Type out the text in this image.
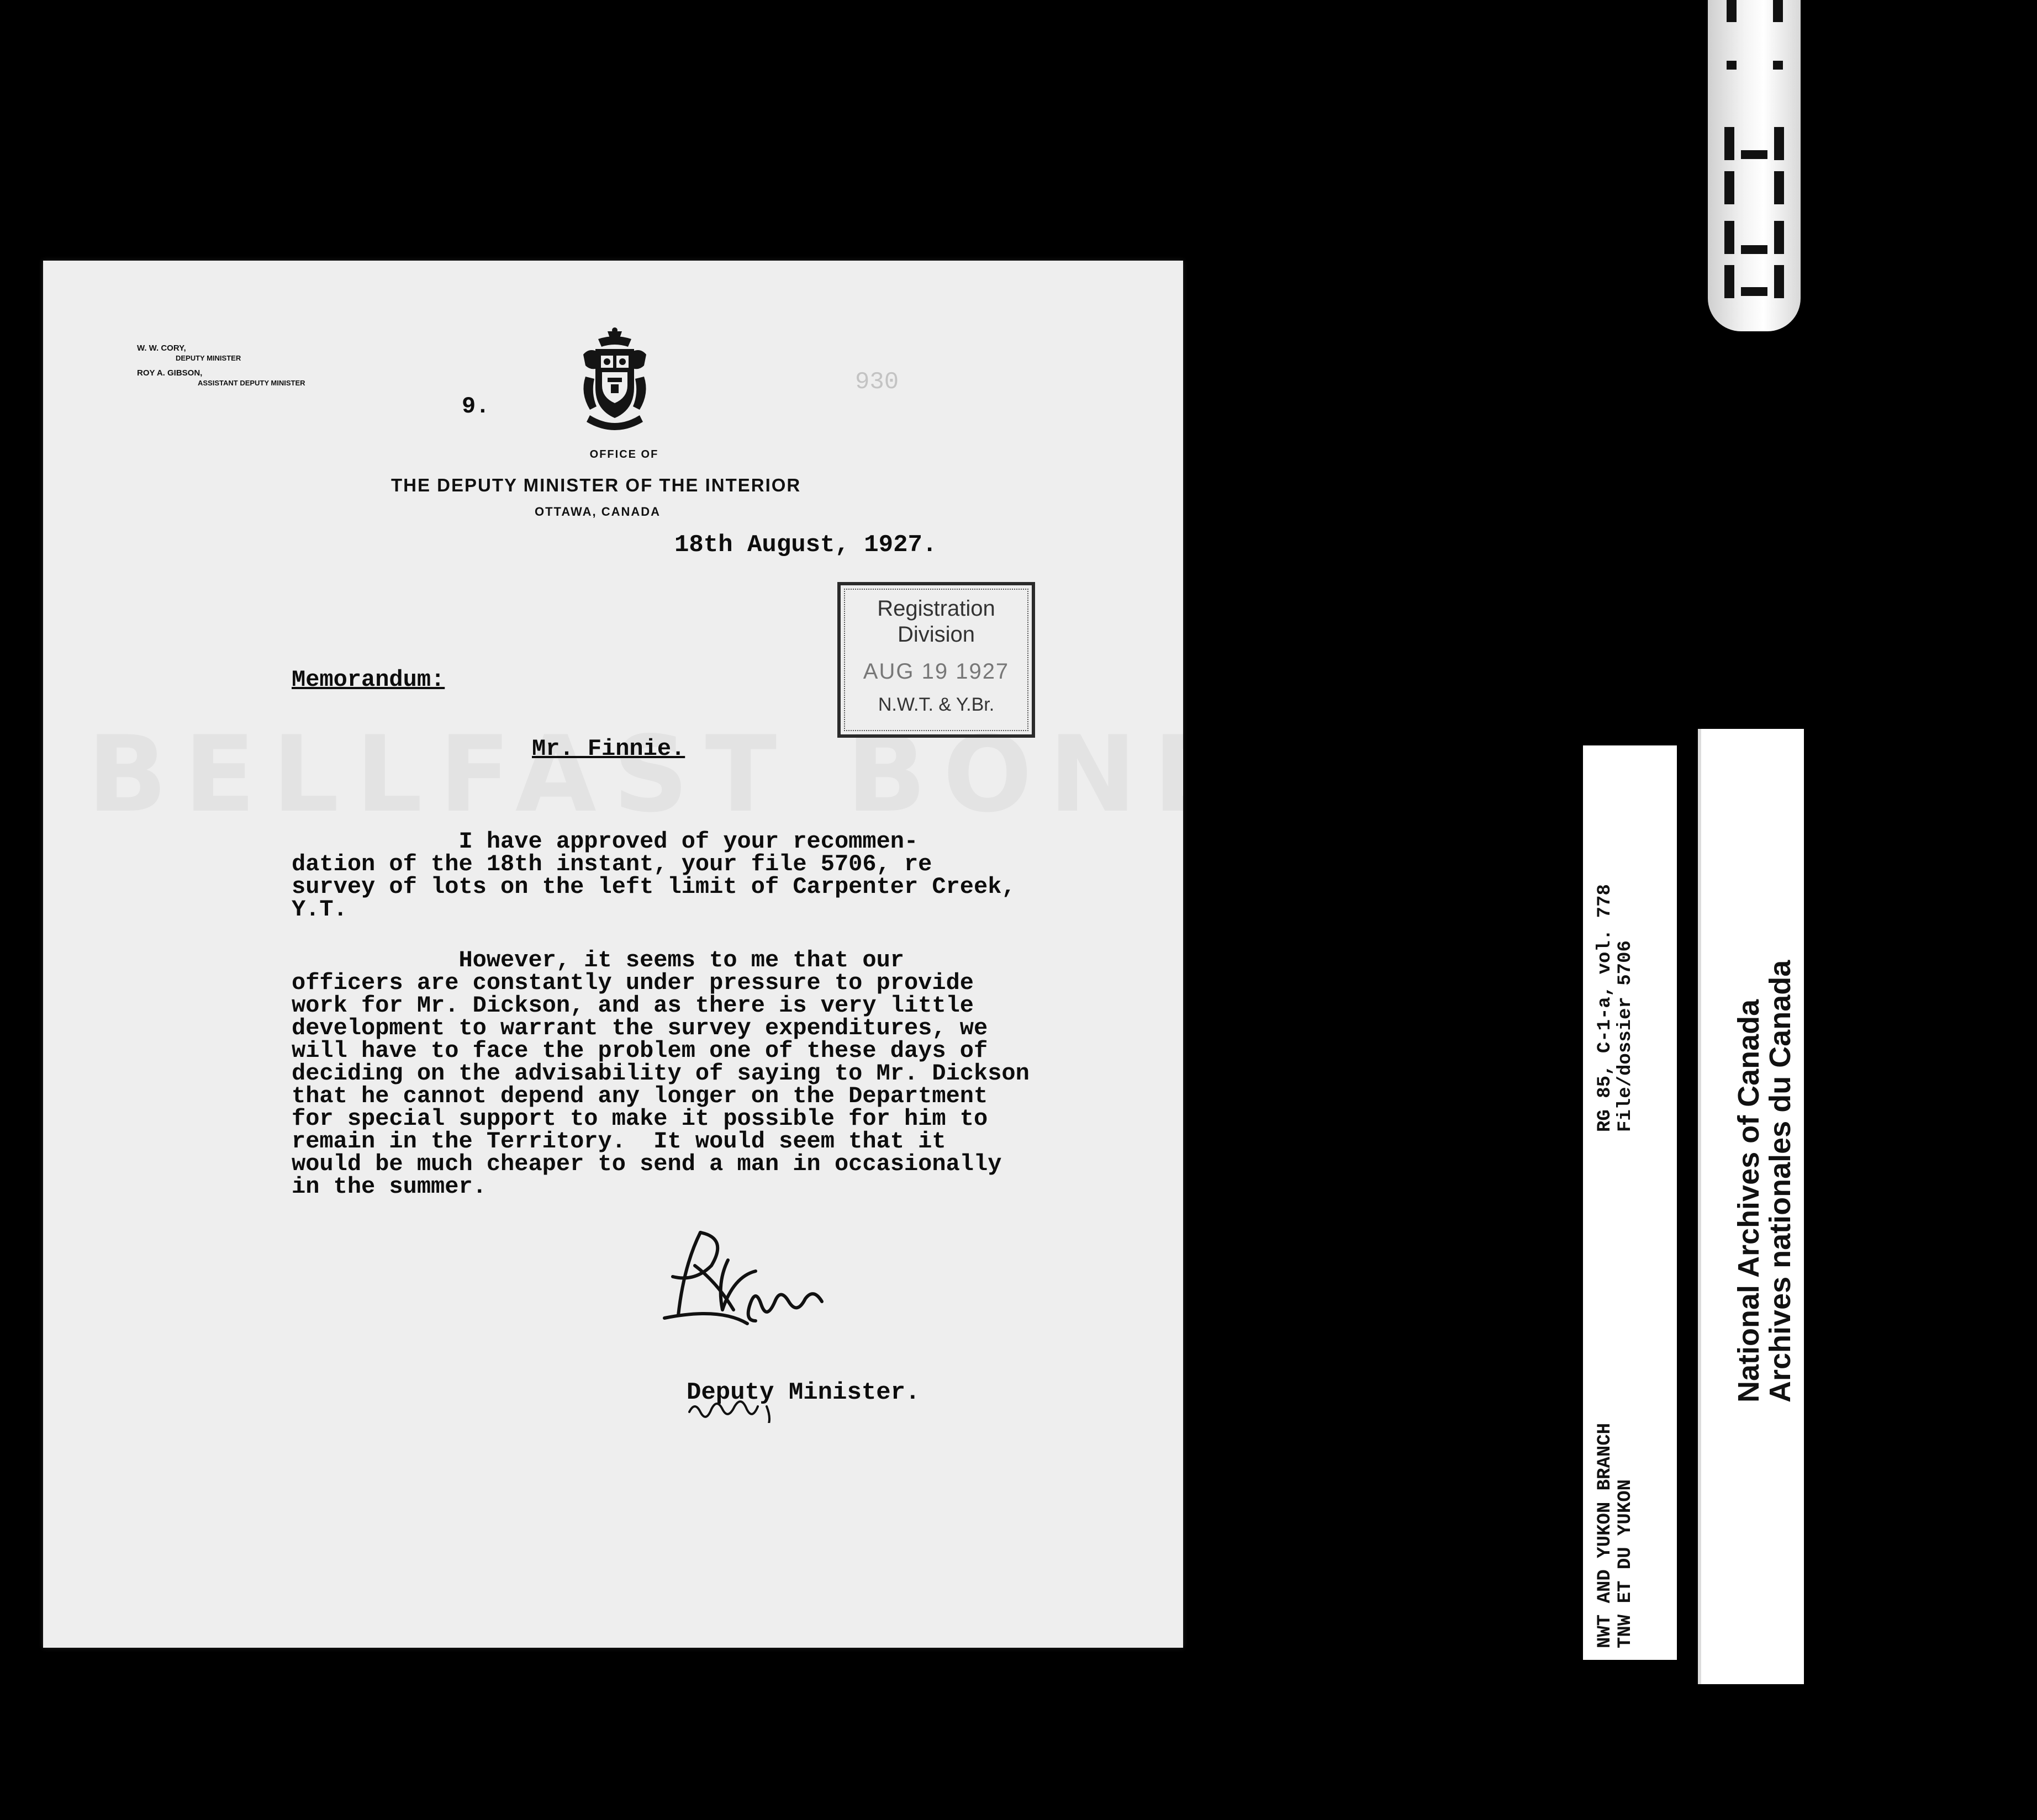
W. W. CORY,
DEPUTY MINISTER
ROY A. GIBSON,
ASSISTANT DEPUTY MINISTER
9.
930
OFFICE OF
THE DEPUTY MINISTER OF THE INTERIOR
OTTAWA, CANADA
18th August, 1927.
Registration
Division
AUG 19 1927
N.W.T. & Y.Br.
Memorandum:
Mr. Finnie.
I have approved of your recommen-
dation of the 18th instant, your file 5706, re
survey of lots on the left limit of Carpenter Creek,
Y.T.
However, it seems to me that our
officers are constantly under pressure to provide
work for Mr. Dickson, and as there is very little
development to warrant the survey expenditures, we
will have to face the problem one of these days of
deciding on the advisability of saying to Mr. Dickson
that he cannot depend any longer on the Department
for special support to make it possible for him to
remain in the Territory.  It would seem that it
would be much cheaper to send a man in occasionally
in the summer.
Deputy Minister.
NWT AND YUKON BRANCH TNW ET DU YUKON
RG 85, C-1-a, vol. 778 File/dossier 5706	National Archives of Canada
Archives nationales du Canada
